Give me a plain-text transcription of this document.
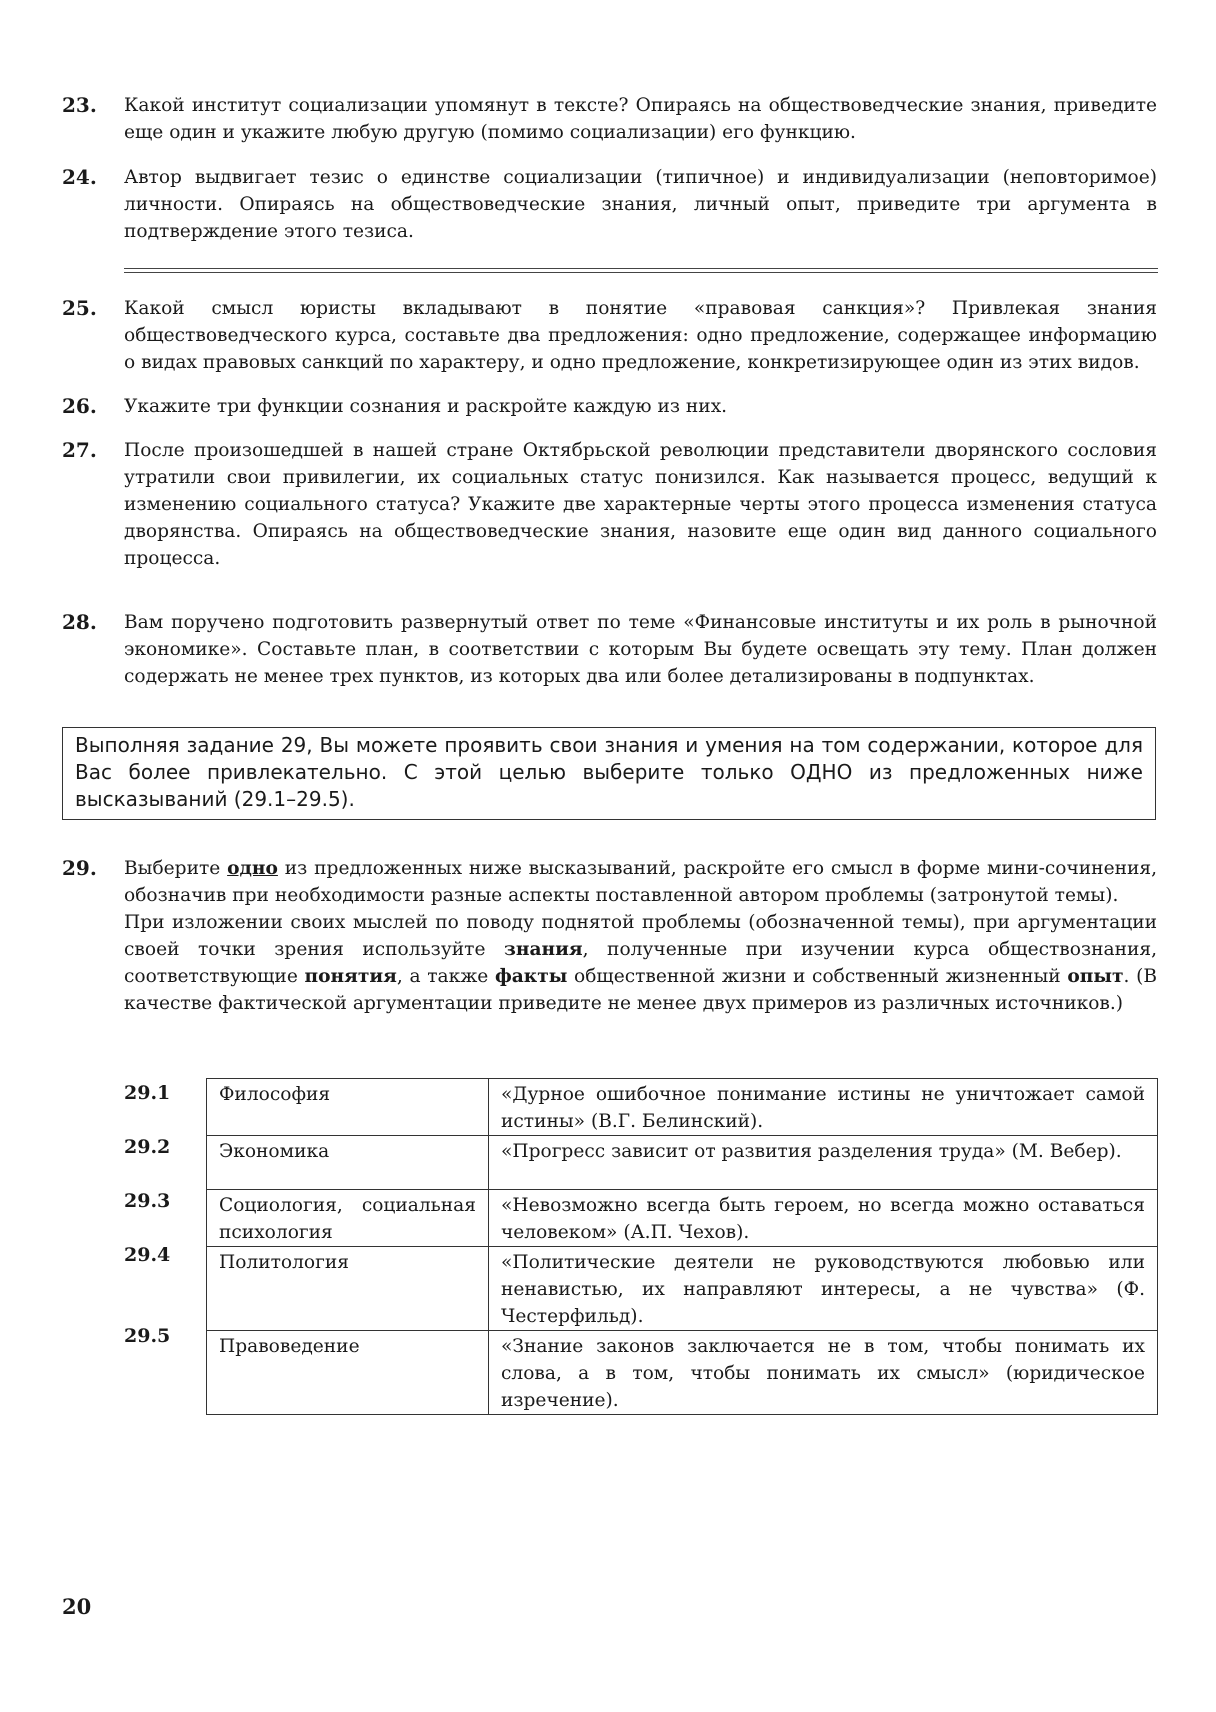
23. Какой институт социализации упомянут в тексте? Опираясь на обществоведческие знания, приведите еще один и укажите любую другую (помимо социализации) его функцию.
24. Автор выдвигает тезис о единстве социализации (типичное) и индивидуализации (неповторимое) личности. Опираясь на обществоведческие знания, личный опыт, приведите три аргумента в подтверждение этого тезиса.
25. Какой смысл юристы вкладывают в понятие «правовая санкция»? Привлекая знания обществоведческого курса, составьте два предложения: одно предложение, содержащее информацию о видах правовых санкций по характеру, и одно предложение, конкретизирующее один из этих видов.
26. Укажите три функции сознания и раскройте каждую из них.
27. После произошедшей в нашей стране Октябрьской революции представители дворянского сословия утратили свои привилегии, их социальных статус понизился. Как называется процесс, ведущий к изменению социального статуса? Укажите две характерные черты этого процесса изменения статуса дворянства. Опираясь на обществоведческие знания, назовите еще один вид данного социального процесса.
28. Вам поручено подготовить развернутый ответ по теме «Финансовые институты и их роль в рыночной экономике». Составьте план, в соответствии с которым Вы будете освещать эту тему. План должен содержать не менее трех пунктов, из которых два или более детализированы в подпунктах.
Выполняя задание 29, Вы можете проявить свои знания и умения на том содержании, которое для Вас более привлекательно. С этой целью выберите только ОДНО из предложенных ниже высказываний (29.1–29.5).
29. Выберите одно из предложенных ниже высказываний, раскройте его смысл в форме мини-сочинения, обозначив при необходимости разные аспекты поставленной автором проблемы (затронутой темы).

При изложении своих мыслей по поводу поднятой проблемы (обозначенной темы), при аргументации своей точки зрения используйте знания, полученные при изучении курса обществознания, соответствующие понятия, а также факты общественной жизни и собственный жизненный опыт. (В качестве фактической аргументации приведите не менее двух примеров из различных источников.)

29.1
29.2
29.3
29.4
29.5
Философия	«Дурное ошибочное понимание истины не уничтожает самой истины» (В.Г. Белинский).
Экономика	«Прогресс зависит от развития разделения труда» (М. Вебер).
Социология, социальная психология	«Невозможно всегда быть героем, но всегда можно оставаться человеком» (А.П. Чехов).
Политология	«Политические деятели не руководствуются любовью или ненавистью, их направляют интересы, а не чувства» (Ф. Честерфильд).
Правоведение	«Знание законов заключается не в том, чтобы понимать их слова, а в том, чтобы понимать их смысл» (юридическое изречение).
20
